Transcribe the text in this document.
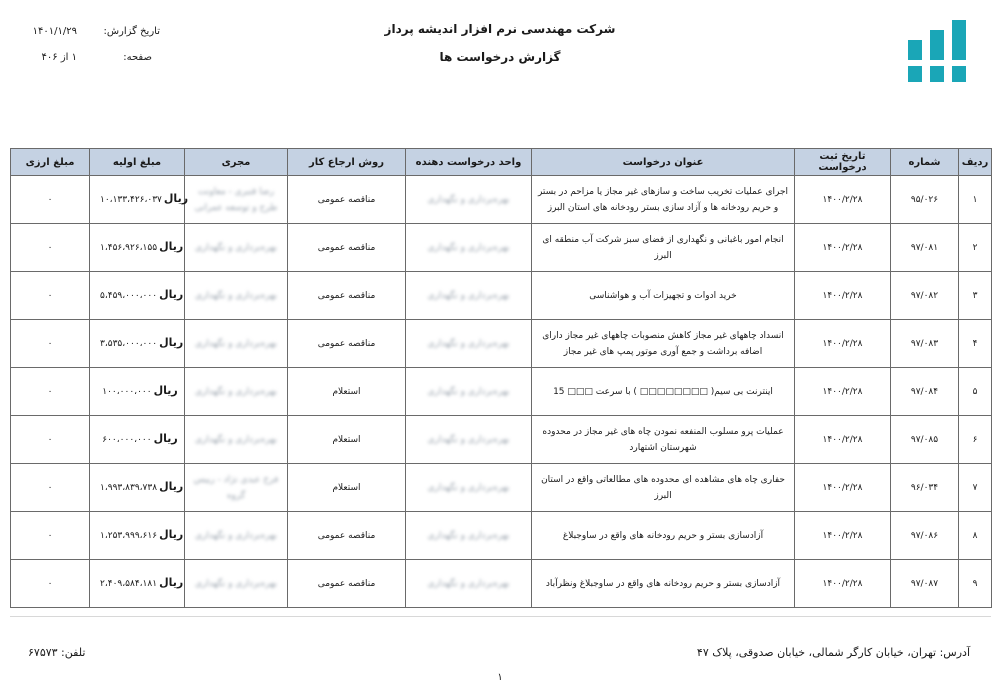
شرکت مهندسی نرم افزار اندیشه پرداز
گزارش درخواست ها
تاریخ گزارش:
۱۴۰۱/۱/۲۹
صفحه:
۱ از ۴۰۶
ردیف	شماره	تاریخ ثبت درخواست	عنوان درخواست	واحد درخواست دهنده	روش ارجاع کار	مجری	مبلغ اولیه	مبلغ ارزی
۱	۹۵/۰۲۶	۱۴۰۰/۲/۲۸	اجرای عملیات تخریب ساخت و سازهای غیر مجاز یا مزاحم در بستر و حریم رودخانه ها و آزاد سازی بستر رودخانه های استان البرز	بهره‌برداری و نگهداری	مناقصه عمومی	رضا قنبری - معاونت طرح و توسعه عمرانی	ریال۱۰،۱۳۳،۴۲۶،۰۳۷	۰
۲	۹۷/۰۸۱	۱۴۰۰/۲/۲۸	انجام امور باغبانی و نگهداری از فضای سبز شرکت آب منطقه ای البرز	بهره‌برداری و نگهداری	مناقصه عمومی	بهره‌برداری و نگهداری	ریال۱،۴۵۶،۹۲۶،۱۵۵	۰
۳	۹۷/۰۸۲	۱۴۰۰/۲/۲۸	خرید ادوات و تجهیزات آب و هواشناسی	بهره‌برداری و نگهداری	مناقصه عمومی	بهره‌برداری و نگهداری	ریال۵،۴۵۹،۰۰۰،۰۰۰	۰
۴	۹۷/۰۸۳	۱۴۰۰/۲/۲۸	انسداد چاههای غیر مجاز کاهش منصوبات چاههای غیر مجاز دارای اضافه برداشت و جمع آوری موتور پمپ های غیر مجاز	بهره‌برداری و نگهداری	مناقصه عمومی	بهره‌برداری و نگهداری	ریال۳،۵۳۵،۰۰۰،۰۰۰	۰
۵	۹۷/۰۸۴	۱۴۰۰/۲/۲۸	اینترنت بی سیم( □□□□□□□□ ) با سرعت □□□ 15	بهره‌برداری و نگهداری	استعلام	بهره‌برداری و نگهداری	ریال۱۰۰،۰۰۰،۰۰۰	۰
۶	۹۷/۰۸۵	۱۴۰۰/۲/۲۸	عملیات پرو مسلوب المنفعه نمودن چاه های غیر مجاز در محدوده شهرستان اشتهارد	بهره‌برداری و نگهداری	استعلام	بهره‌برداری و نگهداری	ریال۶۰۰،۰۰۰،۰۰۰	۰
۷	۹۶/۰۳۴	۱۴۰۰/۲/۲۸	حفاری چاه های مشاهده ای محدوده های مطالعاتی واقع در استان البرز	بهره‌برداری و نگهداری	استعلام	فرخ عبدی نژاد - رییس گروه	ریال۱،۹۹۳،۸۳۹،۷۳۸	۰
۸	۹۷/۰۸۶	۱۴۰۰/۲/۲۸	آزادسازی بستر و حریم رودخانه های واقع در ساوجبلاغ	بهره‌برداری و نگهداری	مناقصه عمومی	بهره‌برداری و نگهداری	ریال۱،۲۵۳،۹۹۹،۶۱۶	۰
۹	۹۷/۰۸۷	۱۴۰۰/۲/۲۸	آزادسازی بستر و حریم رودخانه های واقع در ساوجبلاغ ونظرآباد	بهره‌برداری و نگهداری	مناقصه عمومی	بهره‌برداری و نگهداری	ریال۲،۴۰۹،۵۸۴،۱۸۱	۰
آدرس: تهران، خیابان کارگر شمالی، خیابان صدوقی، پلاک ۴۷
تلفن: ۶۷۵۷۳
۱
